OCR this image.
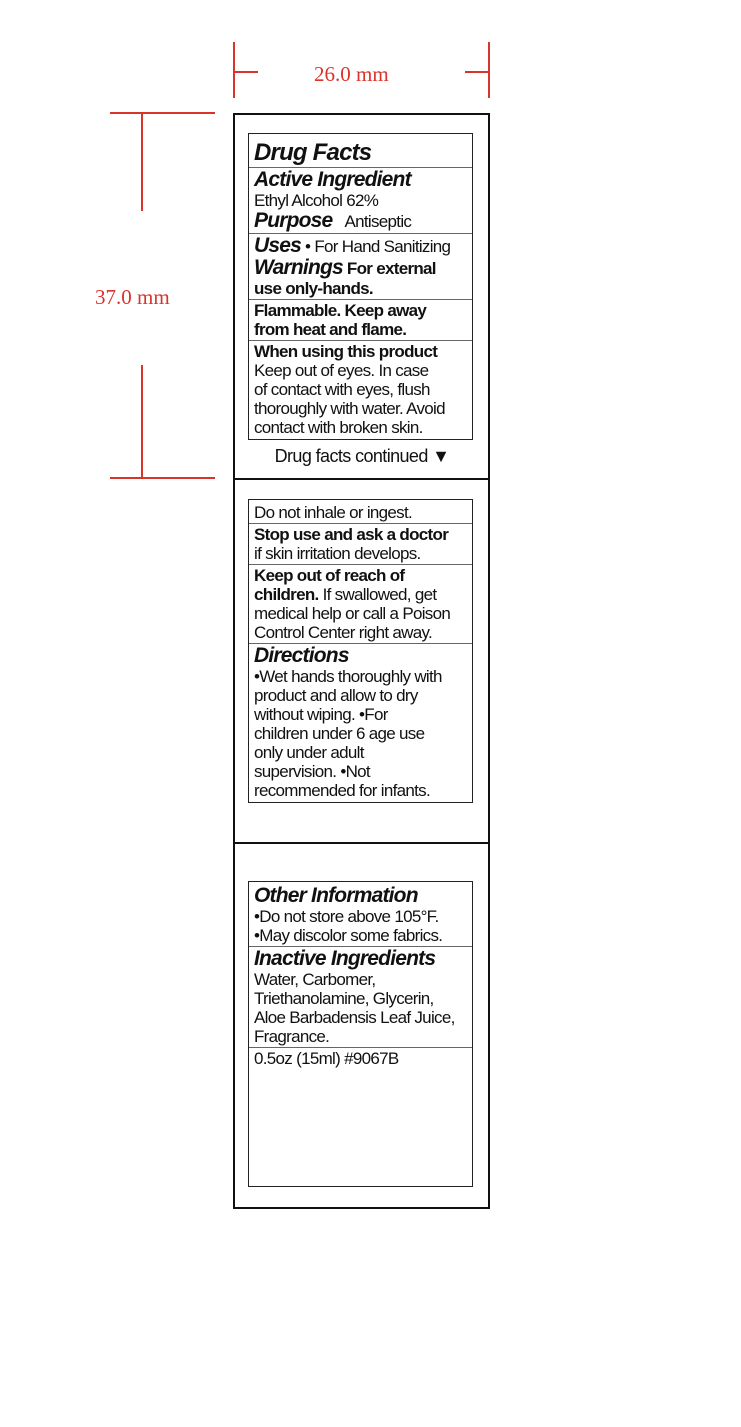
26.0 mm
37.0 mm
Drug Facts
Active Ingredient
Ethyl Alcohol 62%
Purpose Antiseptic
Uses • For Hand Sanitizing
Warnings For external
use only-hands.
Flammable. Keep away
from heat and flame.
When using this product
Keep out of eyes. In case
of contact with eyes, flush
thoroughly with water. Avoid
contact with broken skin.
Drug facts continued ▼
Do not inhale or ingest.
Stop use and ask a doctor
if skin irritation develops.
Keep out of reach of
children. If swallowed, get
medical help or call a Poison
Control Center right away.
Directions
•Wet hands thoroughly with
product and allow to dry
without wiping. •For
children under 6 age use
only under adult
supervision. •Not
recommended for infants.
Other Information
•Do not store above 105°F.
•May discolor some fabrics.
Inactive Ingredients
Water, Carbomer,
Triethanolamine, Glycerin,
Aloe Barbadensis Leaf Juice,
Fragrance.
0.5oz (15ml) #9067B
